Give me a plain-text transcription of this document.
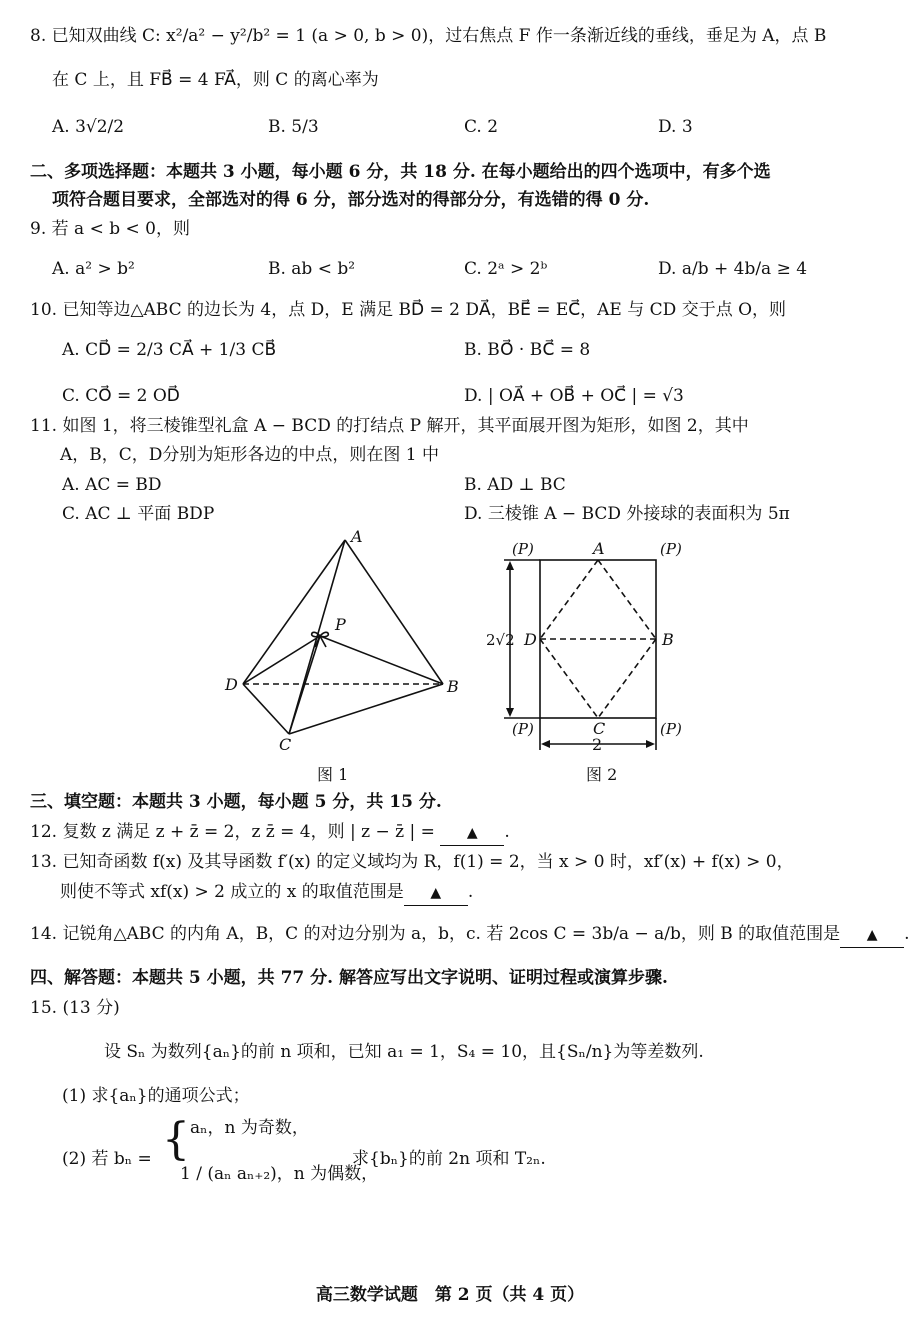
8. 已知双曲线 C: x²/a² − y²/b² = 1 (a > 0, b > 0)，过右焦点 F 作一条渐近线的垂线，垂足为 A，点 B
在 C 上，且 FB⃗ = 4 FA⃗，则 C 的离心率为
A. 3√2/2	B. 5/3	C. 2	D. 3
二、多项选择题：本题共 3 小题，每小题 6 分，共 18 分. 在每小题给出的四个选项中，有多个选
项符合题目要求，全部选对的得 6 分，部分选对的得部分分，有选错的得 0 分.
9. 若 a < b < 0，则
A. a² > b²	B. ab < b²	C. 2ᵃ > 2ᵇ	D. a/b + 4b/a ≥ 4
10. 已知等边△ABC 的边长为 4，点 D，E 满足 BD⃗ = 2 DA⃗，BE⃗ = EC⃗，AE 与 CD 交于点 O，则
A. CD⃗ = 2/3 CA⃗ + 1/3 CB⃗	B. BO⃗ · BC⃗ = 8
C. CO⃗ = 2 OD⃗	D. | OA⃗ + OB⃗ + OC⃗ | = √3
11. 如图 1，将三棱锥型礼盒 A − BCD 的打结点 P 解开，其平面展开图为矩形，如图 2，其中
A，B，C，D分别为矩形各边的中点，则在图 1 中
A. AC = BD	B. AD ⊥ BC
C. AC ⊥ 平面 BDP	D. 三棱锥 A − BCD 外接球的表面积为 5π
A
P
D	B
C
图 1
(P)	(P)
(P)	(P)
A
B
C
D
2√2
2
图 2
三、填空题：本题共 3 小题，每小题 5 分，共 15 分.
12. 复数 z 满足 z + z̄ = 2，z z̄ = 4，则 | z − z̄ | = ▲ .
13. 已知奇函数 f(x) 及其导函数 f′(x) 的定义域均为 R，f(1) = 2，当 x > 0 时，xf′(x) + f(x) > 0，
则使不等式 xf(x) > 2 成立的 x 的取值范围是 ▲ .
14. 记锐角△ABC 的内角 A，B，C 的对边分别为 a，b，c. 若 2cos C = 3b/a − a/b，则 B 的取值范围是 ▲ .
四、解答题：本题共 5 小题，共 77 分. 解答应写出文字说明、证明过程或演算步骤.
15. (13 分)
设 Sₙ 为数列{aₙ}的前 n 项和，已知 a₁ = 1，S₄ = 10，且{Sₙ/n}为等差数列.
(1) 求{aₙ}的通项公式；
(2) 若 bₙ = { aₙ，n 为奇数，
1 / (aₙ aₙ₊₂)，n 为偶数，
求{bₙ}的前 2n 项和 T₂ₙ.
高三数学试题　第 2 页（共 4 页）
